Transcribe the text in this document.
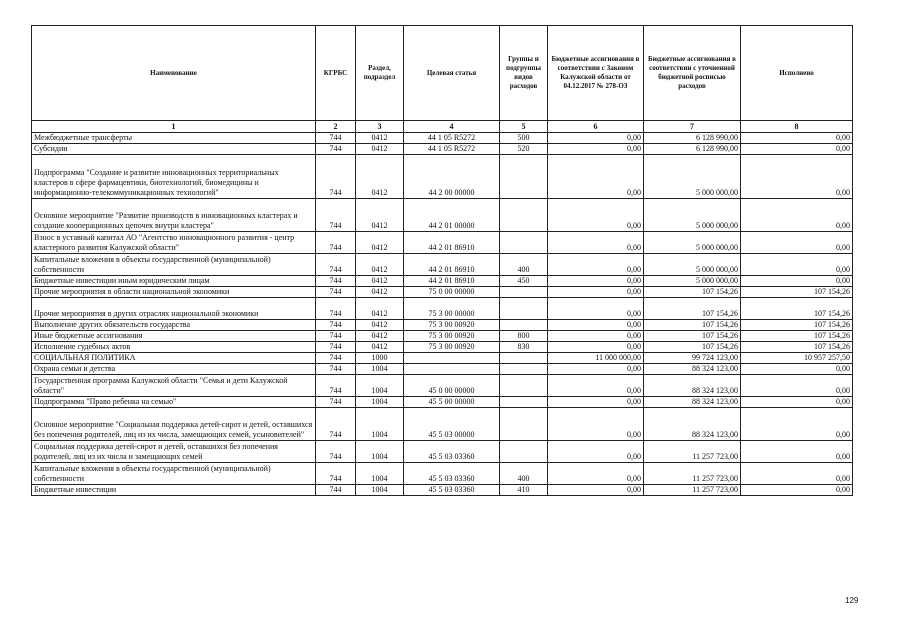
Наименование	КГРБС	Раздел, подраздел	Целевая статья	Группы и подгруппы видов расходов	Бюджетные ассигнования в соответствии с Законом Калужской области от 04.12.2017 № 278-ОЗ	Бюджетные ассигнования в соответствии с уточненной бюджетной росписью расходов	Исполнено
1	2	3	4	5	6	7	8
Межбюджетные трансферты	744	0412	44 1 05 R5272	500	0,00	6 128 990,00	0,00
Субсидии	744	0412	44 1 05 R5272	520	0,00	6 128 990,00	0,00
Подпрограмма "Создание и развитие инновационных территориальных кластеров в сфере фармацевтики, биотехнологий, биомедицины и информационно-телекоммуникационных технологий"	744	0412	44 2 00 00000		0,00	5 000 000,00	0,00
Основное мероприятие "Развитие производств в инновационных кластерах и создание кооперационных цепочек внутри кластера"	744	0412	44 2 01 00000		0,00	5 000 000,00	0,00
Взнос в уставный капитал АО "Агентство инновационного развития - центр кластерного развития Калужской области"	744	0412	44 2 01 86910		0,00	5 000 000,00	0,00
Капитальные вложения в объекты государственной (муниципальной) собственности	744	0412	44 2 01 86910	400	0,00	5 000 000,00	0,00
Бюджетные инвестиции иным юридическим лицам	744	0412	44 2 01 86910	450	0,00	5 000 000,00	0,00
Прочие мероприятия в области национальной экономики	744	0412	75 0 00 00000		0,00	107 154,26	107 154,26
Прочие мероприятия в других отраслях национальной экономики	744	0412	75 3 00 00000		0,00	107 154,26	107 154,26
Выполнение других обязательств государства	744	0412	75 3 00 00920		0,00	107 154,26	107 154,26
Иные бюджетные ассигнования	744	0412	75 3 00 00920	800	0,00	107 154,26	107 154,26
Исполнение судебных актов	744	0412	75 3 00 00920	830	0,00	107 154,26	107 154,26
СОЦИАЛЬНАЯ ПОЛИТИКА	744	1000			11 000 000,00	99 724 123,00	10 957 257,50
Охрана семьи и детства	744	1004			0,00	88 324 123,00	0,00
Государственная программа Калужской области "Семья и дети Калужской области"	744	1004	45 0 00 00000		0,00	88 324 123,00	0,00
Подпрограмма "Право ребенка на семью"	744	1004	45 5 00 00000		0,00	88 324 123,00	0,00
Основное мероприятие "Социальная поддержка детей-сирот и детей, оставшихся без попечения родителей, лиц из их числа, замещающих семей, усыновителей"	744	1004	45 5 03 00000		0,00	88 324 123,00	0,00
Социальная поддержка детей-сирот и детей, оставшихся без попечения родителей, лиц из их числа и замещающих семей	744	1004	45 5 03 03360		0,00	11 257 723,00	0,00
Капитальные вложения в объекты государственной (муниципальной) собственности	744	1004	45 5 03 03360	400	0,00	11 257 723,00	0,00
Бюджетные инвестиции	744	1004	45 5 03 03360	410	0,00	11 257 723,00	0,00
129
